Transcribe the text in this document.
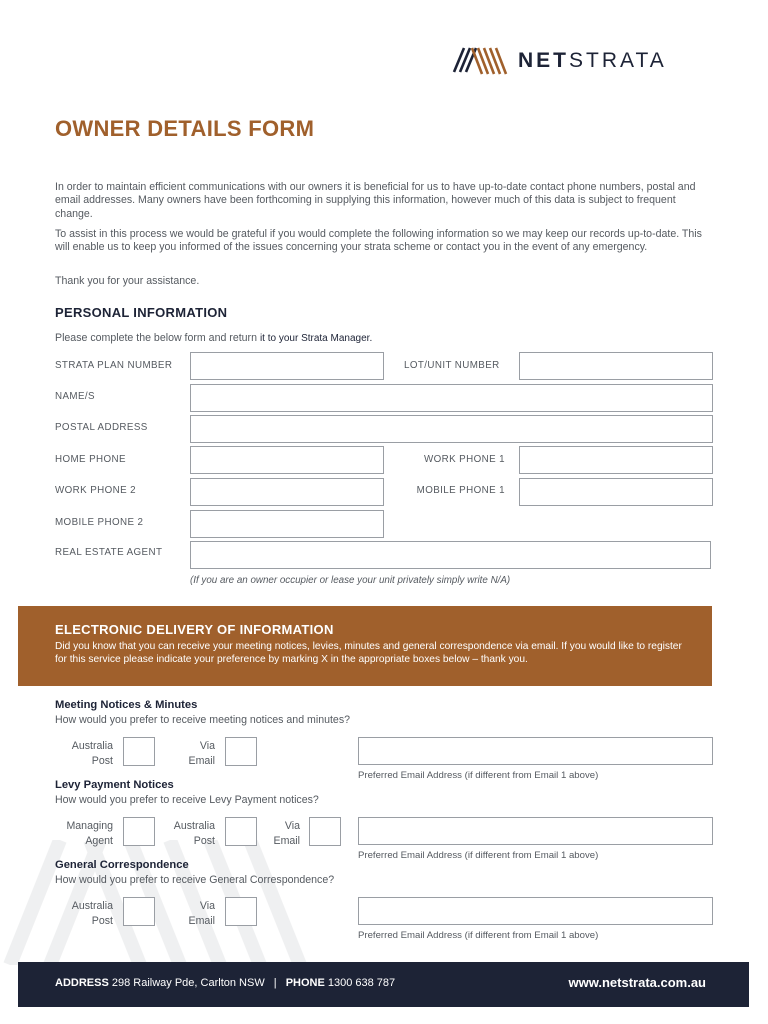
NETSTRATA
OWNER DETAILS FORM
In order to maintain efficient communications with our owners it is beneficial for us to have up-to-date contact phone numbers, postal and email addresses. Many owners have been forthcoming in supplying this information, however much of this data is subject to frequent change.
To assist in this process we would be grateful if you would complete the following information so we may keep our records up-to-date. This will enable us to keep you informed of the issues concerning your strata scheme or contact you in the event of any emergency.
Thank you for your assistance.
PERSONAL INFORMATION
Please complete the below form and return it to your Strata Manager.
STRATA PLAN NUMBER	LOT/UNIT NUMBER
NAME/S
POSTAL ADDRESS
HOME PHONE	WORK PHONE 1
WORK PHONE 2	MOBILE PHONE 1
MOBILE PHONE 2
REAL ESTATE AGENT
(If you are an owner occupier or lease your unit privately simply write N/A)
ELECTRONIC DELIVERY OF INFORMATION
Did you know that you can receive your meeting notices, levies, minutes and general correspondence via email. If you would like to register for this service please indicate your preference by marking X in the appropriate boxes below – thank you.
Meeting Notices & Minutes
How would you prefer to receive meeting notices and minutes?
Australia
Post
Via
Email
Preferred Email Address (if different from Email 1 above)
Levy Payment Notices
How would you prefer to receive Levy Payment notices?
Managing
Agent
Australia
Post
Via
Email
Preferred Email Address (if different from Email 1 above)
General Correspondence
How would you prefer to receive General Correspondence?
Australia
Post
Via
Email
Preferred Email Address (if different from Email 1 above)
ADDRESS 298 Railway Pde, Carlton NSW | PHONE 1300 638 787	www.netstrata.com.au
